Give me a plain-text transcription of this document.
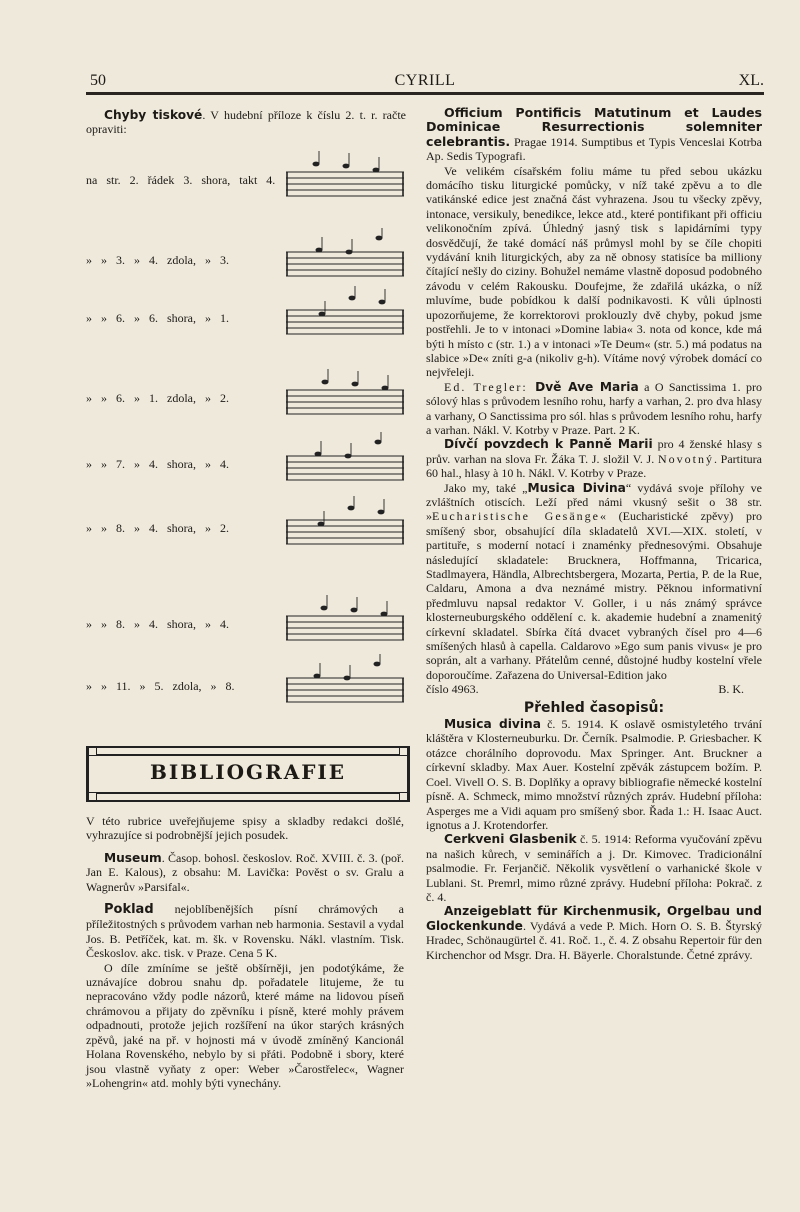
50	CYRILL	XL.

Chyby tiskové. V hudební příloze k číslu 2. t. r. račte opraviti:

na str. 2. řádek 3. shora, takt 4.
» » 3. » 4. zdola, » 3.
» » 6. » 6. shora, » 1.
» » 6. » 1. zdola, » 2.
» » 7. » 4. shora, » 4.
» » 8. » 4. shora, » 2.
» » 8. » 4. shora, » 4.
» » 11. » 5. zdola, » 8.
BIBLIOGRAFIE

V této rubrice uveřejňujeme spisy a skladby redakci došlé, vyhrazujíce si podrobnější jejich posudek.

Museum. Časop. bohosl. českoslov. Roč. XVIII. č. 3. (poř. Jan E. Kalous), z obsahu: M. Lavička: Pověst o sv. Gralu a Wagnerův »Parsifal«.

Poklad nejoblíbenějších písní chrámových a příležitostných s průvodem varhan neb harmonia. Sestavil a vydal Jos. B. Petříček, kat. m. šk. v Rovensku. Nákl. vlastním. Tisk. Českoslov. akc. tisk. v Praze. Cena 5 K.

O díle zmíníme se ještě obšírněji, jen podotýkáme, že uznávajíce dobrou snahu dp. pořadatele litujeme, že tu nepracováno vždy podle názorů, které máme na lidovou píseň chrámovou a přijaty do zpěvníku i písně, které mohly právem odpadnouti, protože jejich rozšíření na úkor starých krásných zpěvů, jaké na př. v hojnosti má v úvodě zmíněný Kancionál Holana Rovenského, nebylo by si přáti. Podobně i sbory, které jsou vlastně vyňaty z oper: Weber »Čarostřelec«, Wagner »Lohengrin« atd. mohly býti vynechány.

Officium Pontificis Matutinum et Laudes Dominicae Resurrectionis solemniter celebrantis. Pragae 1914. Sumptibus et Typis Venceslai Kotrba Ap. Sedis Typografi.

Ve velikém císařském foliu máme tu před sebou ukázku domácího tisku liturgické pomůcky, v níž také zpěvu a to dle vatikánské edice jest značná část vyhrazena. Jsou tu všecky zpěvy, intonace, versikuly, benedikce, lekce atd., které pontifikant při officiu velikonočním zpívá. Úhledný jasný tisk s lapidárními typy dosvědčují, že také domácí náš průmysl mohl by se číle chopiti vydávání knih liturgických, aby za ně obnosy statisíce ba milliony čítající nešly do ciziny. Bohužel nemáme vlastně doposud podobného závodu v celém Rakousku. Doufejme, že zdařilá ukázka, o níž mluvíme, bude pobídkou k další podnikavosti. K vůli úplnosti upozorňujeme, že korrektorovi proklouzly dvě chyby, pokud jsme postřehli. Je to v intonaci »Domine labia« 3. nota od konce, kde má býti h místo c (str. 1.) a v intonaci »Te Deum« (str. 5.) má podatus na slabice »De« zníti g-a (nikoliv g-h). Vítáme nový výrobek domácí co nejvřeleji.

Ed. Tregler: Dvě Ave Maria a O Sanctissima 1. pro sólový hlas s průvodem lesního rohu, harfy a varhan, 2. pro dva hlasy a varhany, O Sanctissima pro sól. hlas s průvodem lesního rohu, harfy a varhan. Nákl. V. Kotrby v Praze. Part. 2 K.

Dívčí povzdech k Panně Marii pro 4 ženské hlasy s prův. varhan na slova Fr. Žáka T. J. složil V. J. Novotný. Partitura 60 hal., hlasy à 10 h. Nákl. V. Kotrby v Praze.

Jako my, také „Musica Divina“ vydává svoje přílohy ve zvláštních otiscích. Leží před námi vkusný sešit o 38 str. »Eucharistische Gesänge« (Eucharistické zpěvy) pro smíšený sbor, obsahující díla skladatelů XVI.—XIX. století, v partituře, s moderní notací i znaménky přednesovými. Obsahuje následující skladatele: Brucknera, Hoffmanna, Tricarica, Stadlmayera, Händla, Albrechtsbergera, Mozarta, Pertia, P. de la Rue, Caldaru, Amona a dva neznámé mistry. Pěknou informativní předmluvu napsal redaktor V. Goller, i u nás známý správce klosterneuburgského oddělení c. k. akademie hudební a znamenitý církevní skladatel. Sbírka čítá dvacet vybraných čísel pro 4—6 smíšených hlasů à capella. Caldarovo »Ego sum panis vivus« je pro soprán, alt a varhany. Přátelům cenné, důstojné hudby kostelní vřele doporoučíme. Zařazena do Universal-Edition jako

číslo 4963.	B. K.
Přehled časopisů:

Musica divina č. 5. 1914. K oslavě osmistyletého trvání kláštěra v Klosterneuburku. Dr. Černík. Psalmodie. P. Griesbacher. K otázce chorálního doprovodu. Max Springer. Ant. Bruckner a církevní skladby. Max Auer. Kostelní zpěvák zástupcem božím. P. Coel. Vivell O. S. B. Doplňky a opravy bibliografie německé kostelní písně. A. Schmeck, mimo množství různých zpráv. Hudební příloha: Asperges me a Vidi aquam pro smíšený sbor. Řada 1.: H. Isaac Auct. ignotus a J. Krotendorfer.

Cerkveni Glasbenik č. 5. 1914: Reforma vyučování zpěvu na našich kůrech, v seminářích a j. Dr. Kimovec. Tradicionální psalmodie. Fr. Ferjančič. Několik vysvětlení o varhanické škole v Lublani. St. Premrl, mimo různé zprávy. Hudební příloha: Pokrač. z č. 4.

Anzeigeblatt für Kirchenmusik, Orgelbau und Glockenkunde. Vydává a vede P. Mich. Horn O. S. B. Štyrský Hradec, Schönaugürtel č. 41. Roč. 1., č. 4. Z obsahu Repertoir für den Kirchenchor od Msgr. Dra. H. Bäyerle. Choralstunde. Četné zprávy.
